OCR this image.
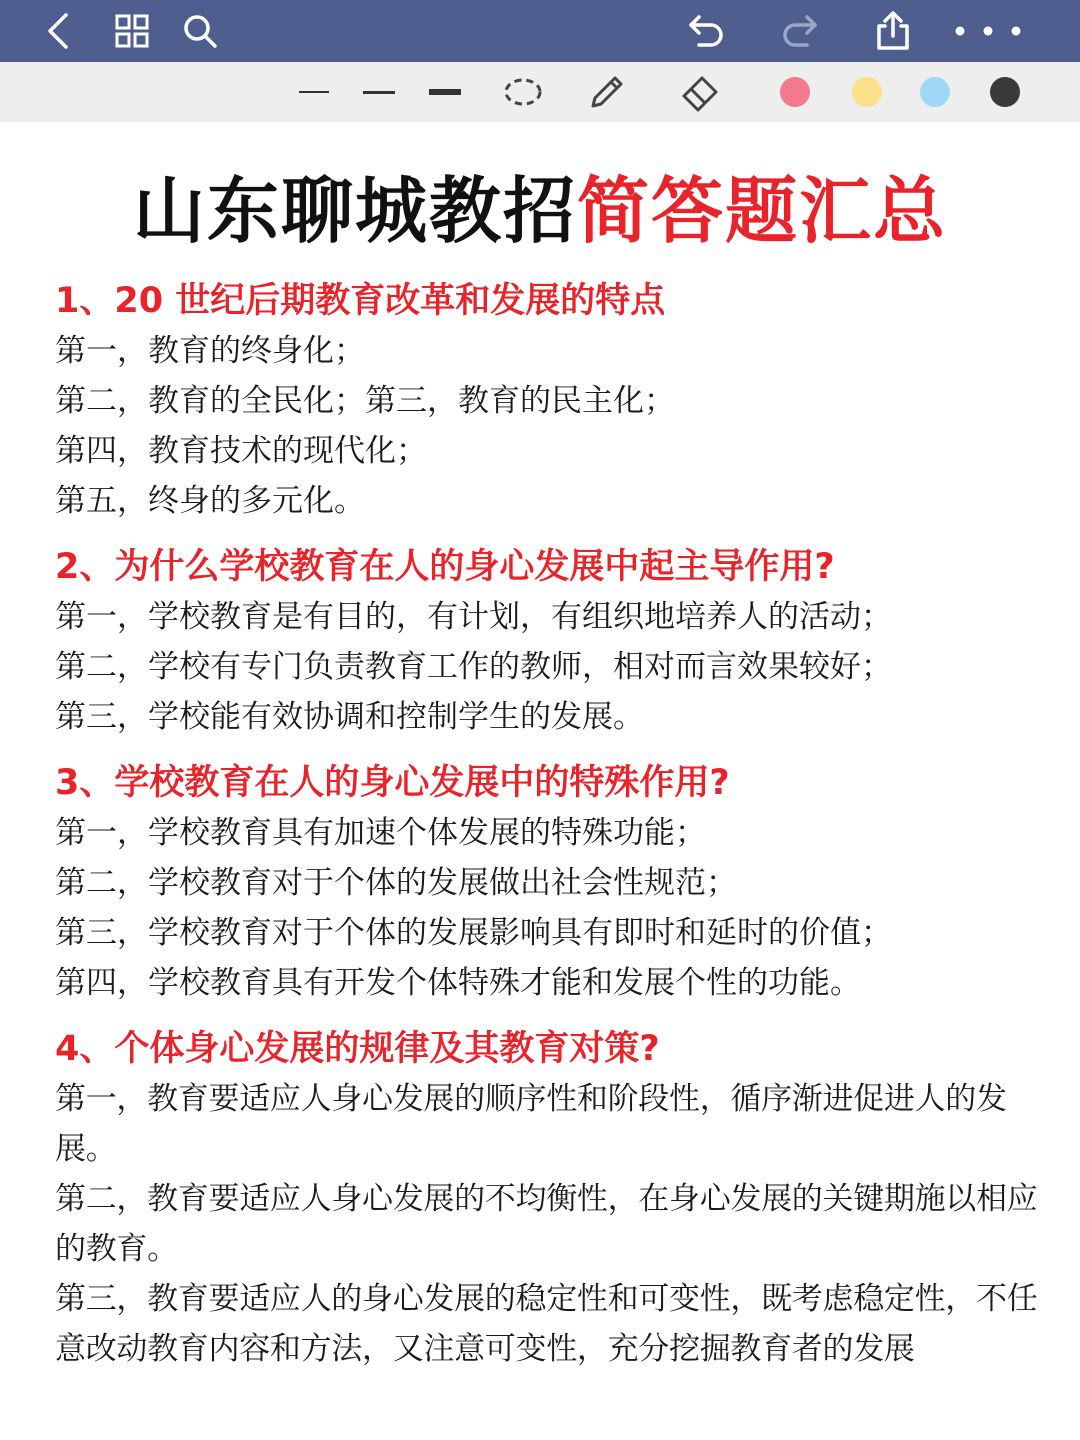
山东聊城教招简答题汇总
1、20 世纪后期教育改革和发展的特点

第一，教育的终身化；

第二，教育的全民化；第三，教育的民主化；

第四，教育技术的现代化；

第五，终身的多元化。

2、为什么学校教育在人的身心发展中起主导作用?

第一，学校教育是有目的，有计划，有组织地培养人的活动；

第二，学校有专门负责教育工作的教师，相对而言效果较好；

第三，学校能有效协调和控制学生的发展。

3、学校教育在人的身心发展中的特殊作用?

第一，学校教育具有加速个体发展的特殊功能；

第二，学校教育对于个体的发展做出社会性规范；

第三，学校教育对于个体的发展影响具有即时和延时的价值；

第四，学校教育具有开发个体特殊才能和发展个性的功能。

4、个体身心发展的规律及其教育对策?

第一，教育要适应人身心发展的顺序性和阶段性，循序渐进促进人的发展。

第二，教育要适应人身心发展的不均衡性，在身心发展的关键期施以相应的教育。

第三，教育要适应人的身心发展的稳定性和可变性，既考虑稳定性，不任意改动教育内容和方法，又注意可变性，充分挖掘教育者的发展
